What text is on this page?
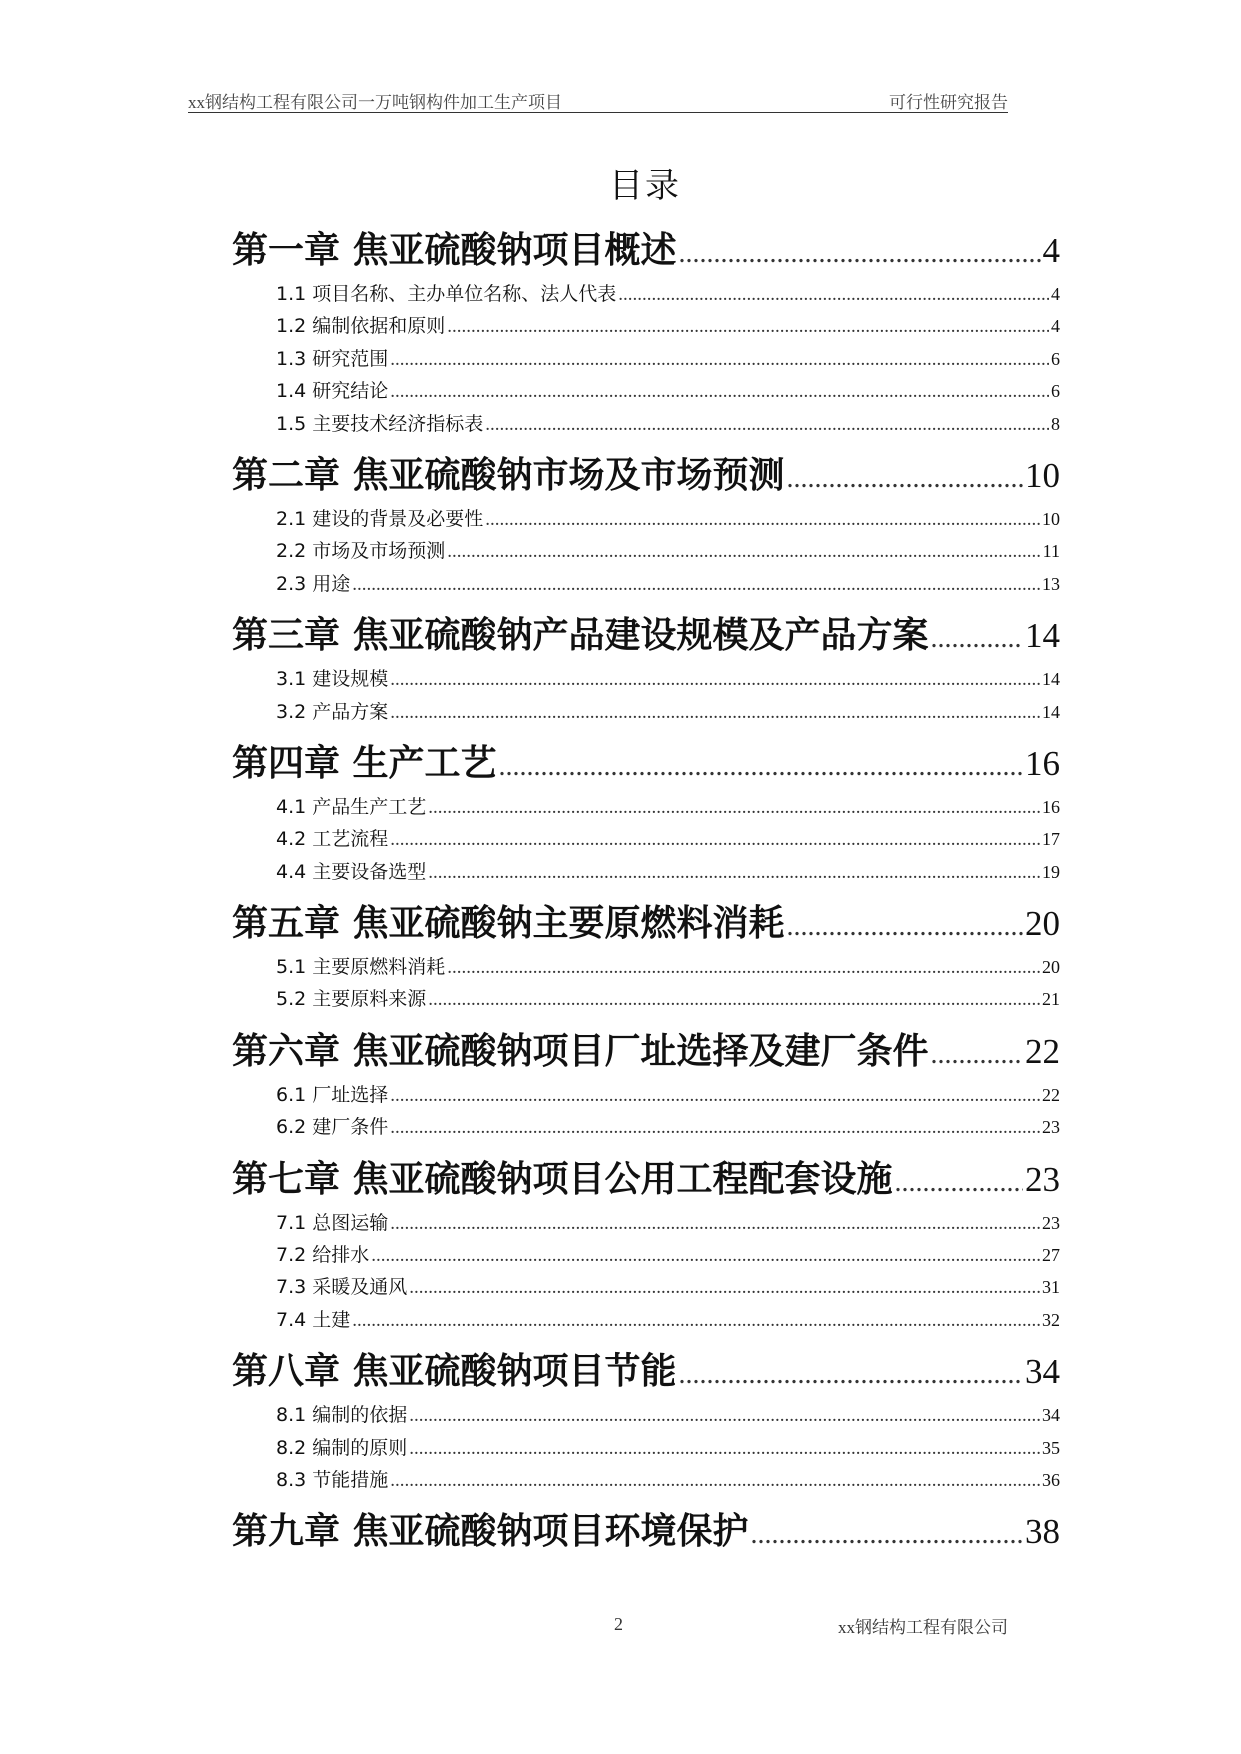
xx钢结构工程有限公司一万吨钢构件加工生产项目	可行性研究报告
目录
第一章 焦亚硫酸钠项目概述 .....	4
1.1 项目名称、主办单位名称、法人代表 .....	4
1.2 编制依据和原则 .....	4
1.3 研究范围 .....	6
1.4 研究结论 .....	6
1.5 主要技术经济指标表 .....	8
第二章 焦亚硫酸钠市场及市场预测 .....	10
2.1 建设的背景及必要性 .....	10
2.2 市场及市场预测 .....	11
2.3 用途 .....	13
第三章 焦亚硫酸钠产品建设规模及产品方案 .....	14
3.1 建设规模 .....	14
3.2 产品方案 .....	14
第四章 生产工艺 .....	16
4.1 产品生产工艺 .....	16
4.2 工艺流程 .....	17
4.4 主要设备选型 .....	19
第五章 焦亚硫酸钠主要原燃料消耗 .....	20
5.1 主要原燃料消耗 .....	20
5.2 主要原料来源 .....	21
第六章 焦亚硫酸钠项目厂址选择及建厂条件 .....	22
6.1 厂址选择 .....	22
6.2 建厂条件 .....	23
第七章 焦亚硫酸钠项目公用工程配套设施 .....	23
7.1 总图运输 .....	23
7.2 给排水 .....	27
7.3 采暖及通风 .....	31
7.4 土建 .....	32
第八章 焦亚硫酸钠项目节能 .....	34
8.1 编制的依据 .....	34
8.2 编制的原则 .....	35
8.3 节能措施 .....	36
第九章 焦亚硫酸钠项目环境保护 .....	38
2	xx钢结构工程有限公司
